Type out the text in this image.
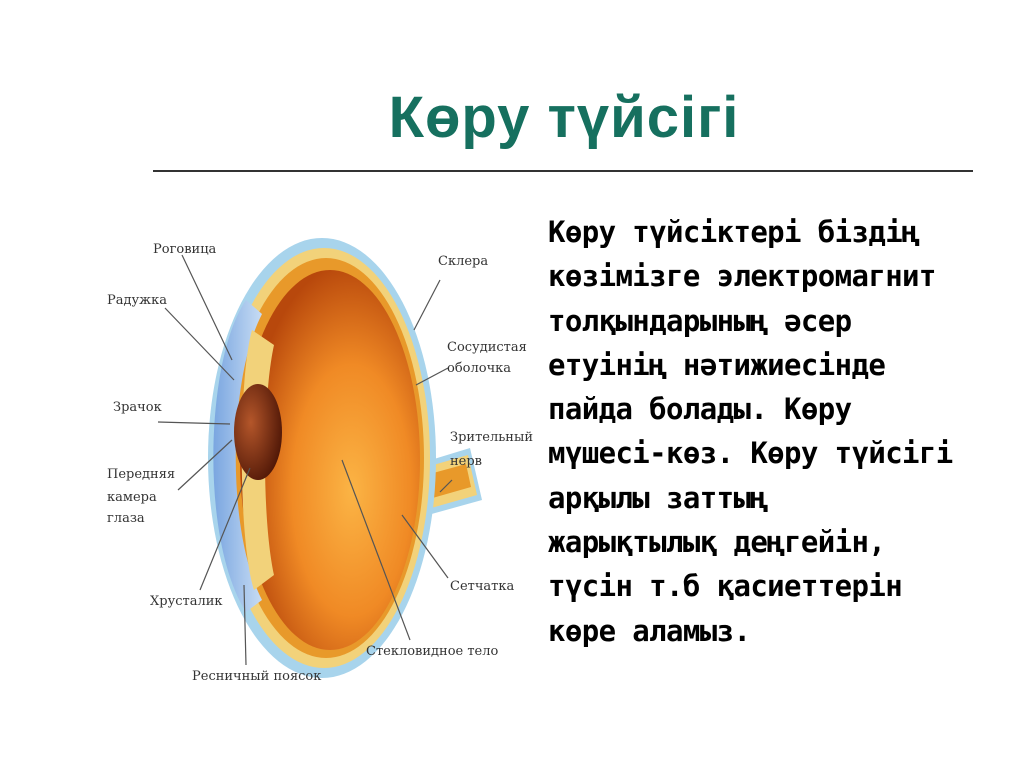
Көру түйсігі
Көру түйсіктері біздің
көзімізге электромагнит
толқындарының әсер
етуінің нәтижиесінде
пайда болады. Көру
мүшесі-көз. Көру түйсігі
арқылы заттың
жарықтылық деңгейін,
түсін т.б қасиеттерін
көре аламыз.
Роговица
Радужка
Зрачок
Передняя
камера
глаза
Хрусталик
Ресничный поясок
Склера
Сосудистая
оболочка
Зрительный
нерв
Сетчатка
Стекловидное тело
